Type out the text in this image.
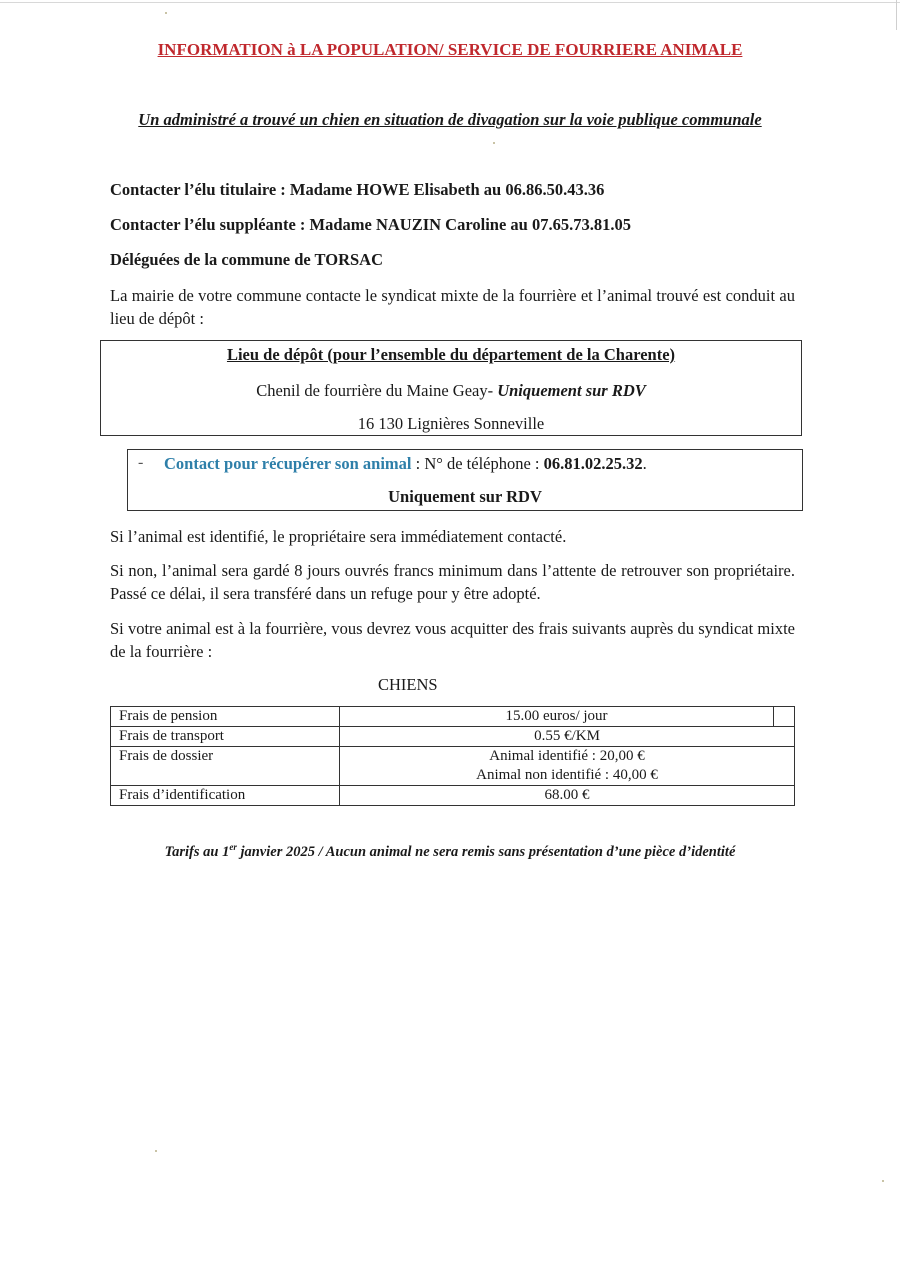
INFORMATION à LA POPULATION/ SERVICE DE FOURRIERE ANIMALE
Un administré a trouvé un chien en situation de divagation sur la voie publique communale
Contacter l’élu titulaire : Madame HOWE Elisabeth au 06.86.50.43.36
Contacter l’élu suppléante : Madame NAUZIN Caroline au 07.65.73.81.05
Déléguées de la commune de TORSAC
La mairie de votre commune contacte le syndicat mixte de la fourrière et l’animal trouvé est conduit au lieu de dépôt :
Lieu de dépôt (pour l’ensemble du département de la Charente)
Chenil de fourrière du Maine Geay- Uniquement sur RDV
16 130 Lignières Sonneville
- Contact pour récupérer son animal : N° de téléphone : 06.81.02.25.32.
Uniquement sur RDV
Si l’animal est identifié, le propriétaire sera immédiatement contacté.
Si non, l’animal sera gardé 8 jours ouvrés francs minimum dans l’attente de retrouver son propriétaire. Passé ce délai, il sera transféré dans un refuge pour y être adopté.
Si votre animal est à la fourrière, vous devrez vous acquitter des frais suivants auprès du syndicat mixte de la fourrière :
CHIENS
Frais de pension	15.00 euros/ jour	
Frais de transport	0.55 €/KM	
Frais de dossier	Animal identifié : 20,00 €
Animal non identifié : 40,00 €	

Frais d’identification	68.00 €	
Tarifs au 1er janvier 2025 / Aucun animal ne sera remis sans présentation d’une pièce d’identité
